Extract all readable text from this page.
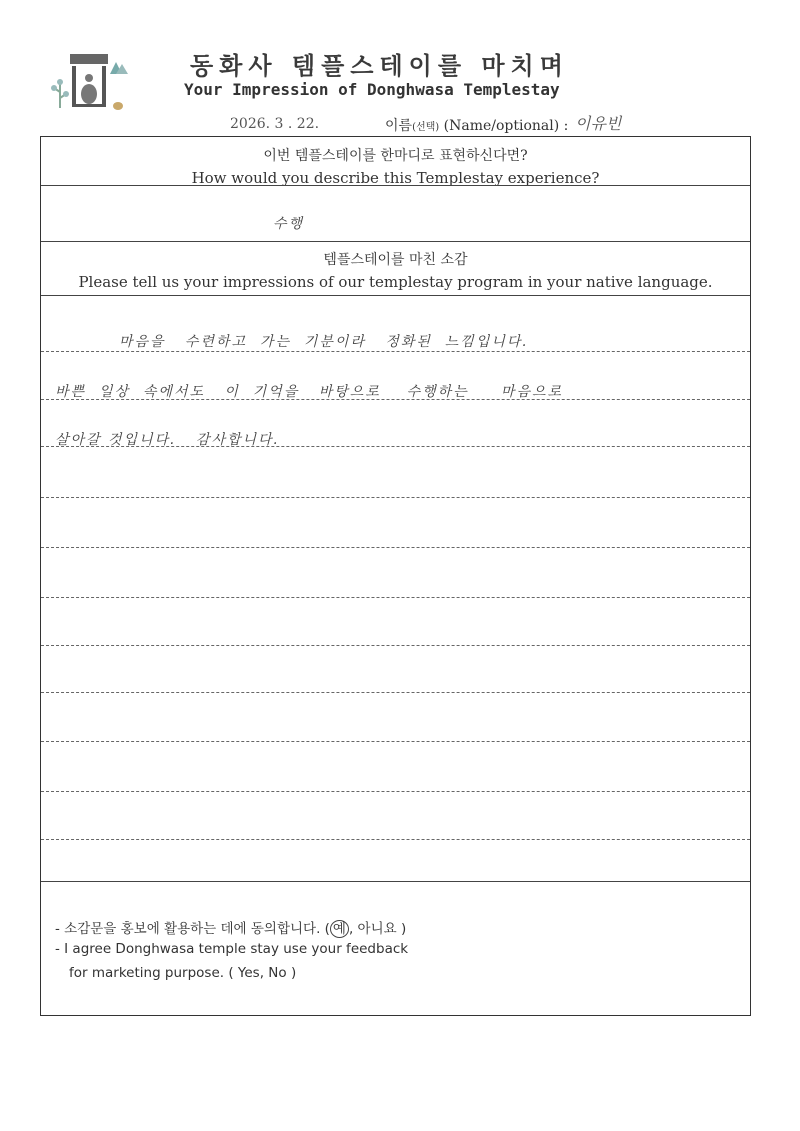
동화사 템플스테이를 마치며
Your Impression of Donghwasa Templestay
2026. 3 . 22.	이름(선택) (Name/optional) : 이유빈
이번 템플스테이를 한마디로 표현하신다면?
How would you describe this Templestay experience?
수행
템플스테이를 마친 소감
Please tell us your impressions of our templestay program in your native language.
마음을   수련하고  가는  기분이라   정화된  느낌입니다.
바쁜  일상  속에서도   이  기억을   바탕으로    수행하는     마음으로
살아갈 것입니다.   감사합니다.
- 소감문을 홍보에 활용하는 데에 동의합니다. ( 예 , 아니요 )
- I agree Donghwasa temple stay use your feedback
for marketing purpose. ( Yes, No )
